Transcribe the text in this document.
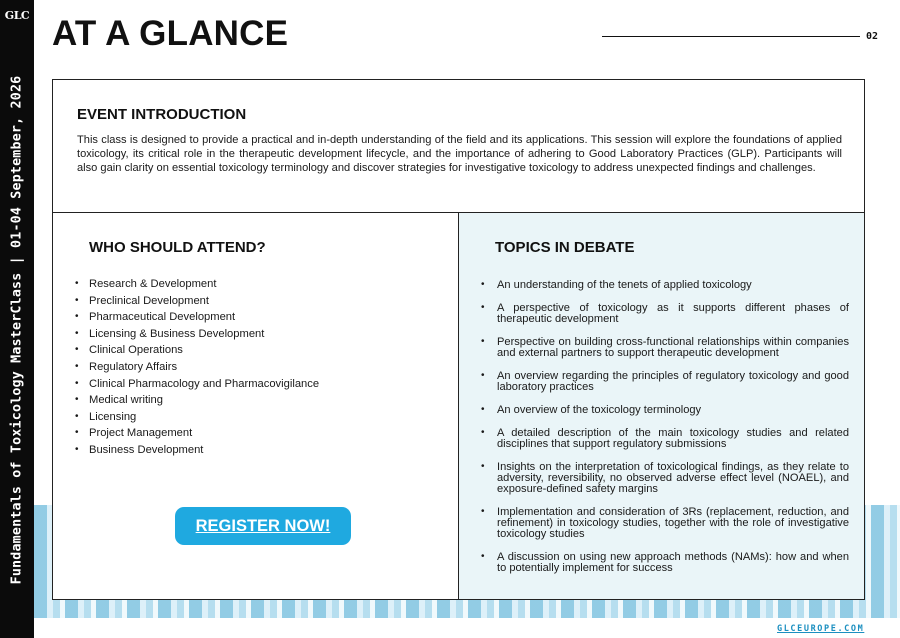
GLC
Fundamentals of Toxicology MasterClass | 01-04 September, 2026
AT A GLANCE	02
EVENT INTRODUCTION

This class is designed to provide a practical and in-depth understanding of the field and its applications. This session will explore the foundations of applied toxicology, its critical role in the therapeutic development lifecycle, and the importance of adhering to Good Laboratory Practices (GLP). Participants will also gain clarity on essential toxicology terminology and discover strategies for investigative toxicology to address unexpected findings and challenges.

WHO SHOULD ATTEND?
• Research & Development
• Preclinical Development
• Pharmaceutical Development
• Licensing & Business Development
• Clinical Operations
• Regulatory Affairs
• Clinical Pharmacology and Pharmacovigilance
• Medical writing
• Licensing
• Project Management
• Business Development
REGISTER NOW!
TOPICS IN DEBATE
• An understanding of the tenets of applied toxicology
• A perspective of toxicology as it supports different phases of therapeutic development
• Perspective on building cross-functional relationships within companies and external partners to support therapeutic development
• An overview regarding the principles of regulatory toxicology and good laboratory practices
• An overview of the toxicology terminology
• A detailed description of the main toxicology studies and related disciplines that support regulatory submissions
• Insights on the interpretation of toxicological findings, as they relate to adversity, reversibility, no observed adverse effect level (NOAEL), and exposure-defined safety margins
• Implementation and consideration of 3Rs (replacement, reduction, and refinement) in toxicology studies, together with the role of investigative toxicology studies
• A discussion on using new approach methods (NAMs): how and when to potentially implement for success
GLCEUROPE.COM
